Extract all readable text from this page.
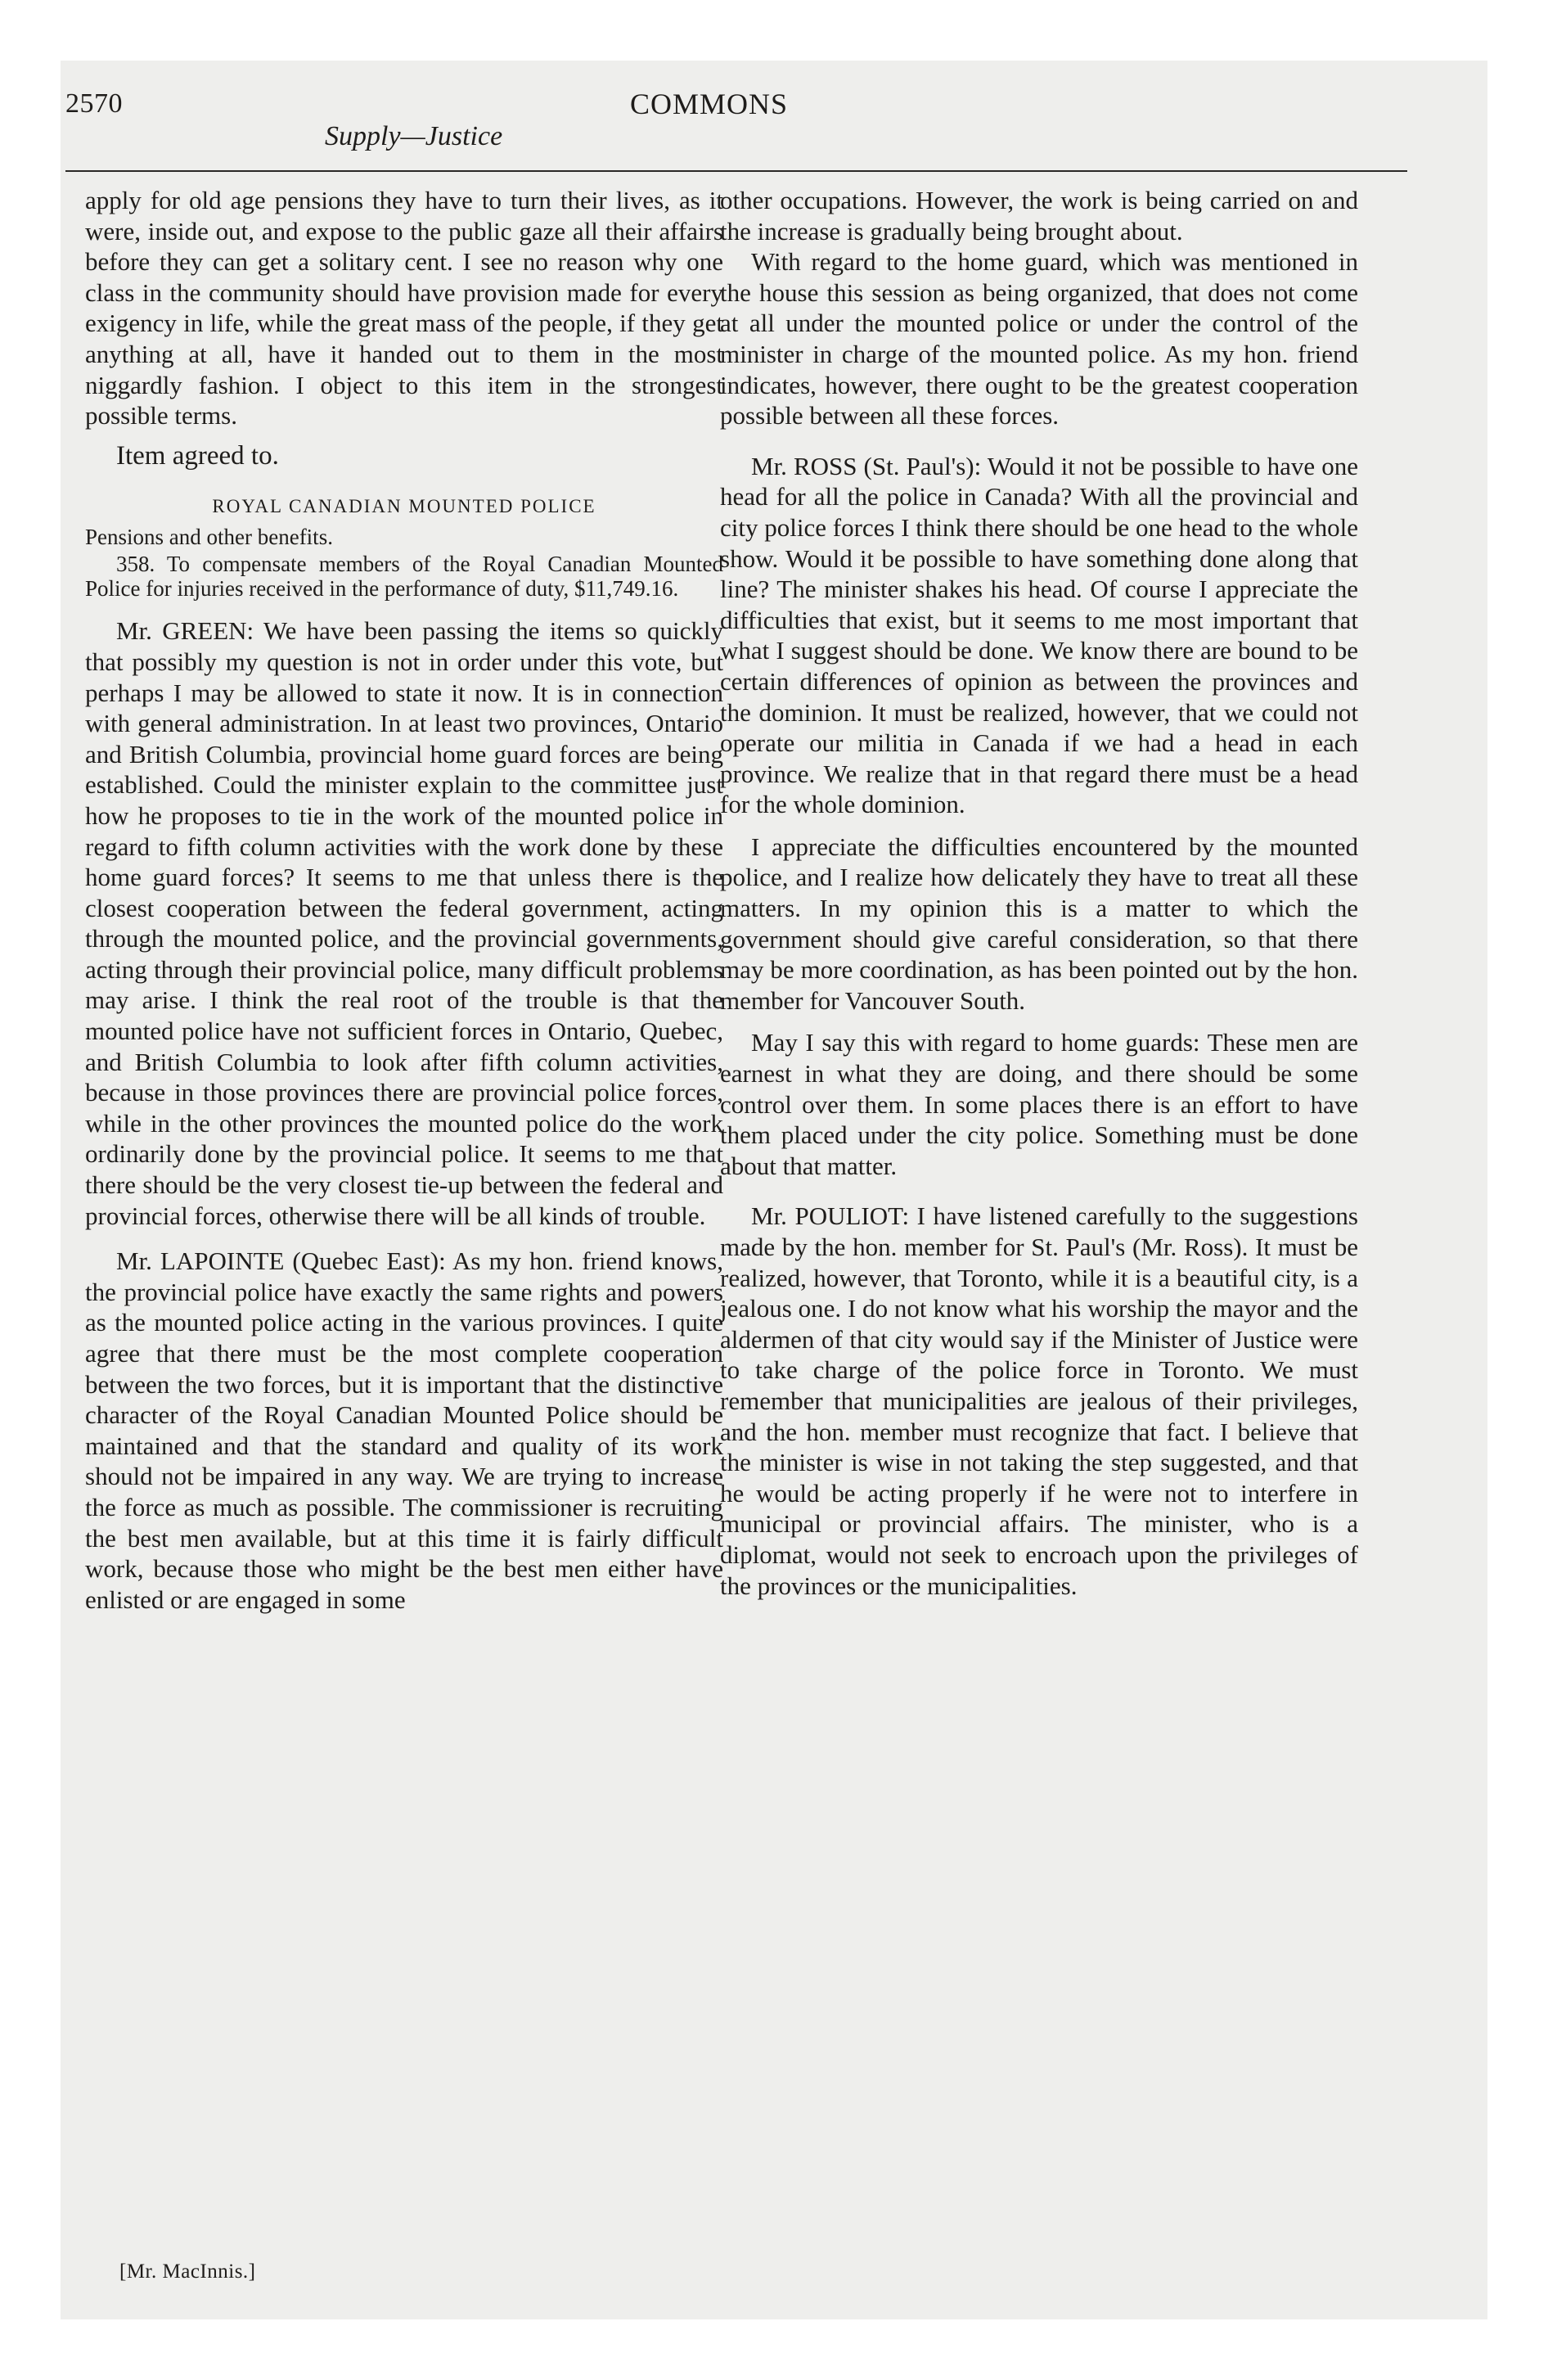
2570	COMMONS
Supply—Justice

apply for old age pensions they have to turn their lives, as it were, inside out, and expose to the public gaze all their affairs before they can get a solitary cent. I see no reason why one class in the community should have provision made for every exigency in life, while the great mass of the people, if they get anything at all, have it handed out to them in the most niggardly fashion. I object to this item in the strongest possible terms.

Item agreed to.

ROYAL CANADIAN MOUNTED POLICE

Pensions and other benefits.

358. To compensate members of the Royal Canadian Mounted Police for injuries received in the performance of duty, $11,749.16.

Mr. GREEN: We have been passing the items so quickly that possibly my question is not in order under this vote, but perhaps I may be allowed to state it now. It is in connection with general administration. In at least two provinces, Ontario and British Columbia, provincial home guard forces are being established. Could the minister explain to the committee just how he proposes to tie in the work of the mounted police in regard to fifth column activities with the work done by these home guard forces? It seems to me that unless there is the closest cooperation between the federal government, acting through the mounted police, and the provincial governments, acting through their provincial police, many difficult problems may arise. I think the real root of the trouble is that the mounted police have not sufficient forces in Ontario, Quebec, and British Columbia to look after fifth column activities, because in those provinces there are provincial police forces, while in the other provinces the mounted police do the work ordinarily done by the provincial police. It seems to me that there should be the very closest tie-up between the federal and provincial forces, otherwise there will be all kinds of trouble.

Mr. LAPOINTE (Quebec East): As my hon. friend knows, the provincial police have exactly the same rights and powers as the mounted police acting in the various provinces. I quite agree that there must be the most complete cooperation between the two forces, but it is important that the distinctive character of the Royal Canadian Mounted Police should be maintained and that the standard and quality of its work should not be impaired in any way. We are trying to increase the force as much as possible. The commissioner is recruiting the best men available, but at this time it is fairly difficult work, because those who might be the best men either have enlisted or are engaged in some

other occupations. However, the work is being carried on and the increase is gradually being brought about.

With regard to the home guard, which was mentioned in the house this session as being organized, that does not come at all under the mounted police or under the control of the minister in charge of the mounted police. As my hon. friend indicates, however, there ought to be the greatest cooperation possible between all these forces.

Mr. ROSS (St. Paul's): Would it not be possible to have one head for all the police in Canada? With all the provincial and city police forces I think there should be one head to the whole show. Would it be possible to have something done along that line? The minister shakes his head. Of course I appreciate the difficulties that exist, but it seems to me most important that what I suggest should be done. We know there are bound to be certain differences of opinion as between the provinces and the dominion. It must be realized, however, that we could not operate our militia in Canada if we had a head in each province. We realize that in that regard there must be a head for the whole dominion.

I appreciate the difficulties encountered by the mounted police, and I realize how delicately they have to treat all these matters. In my opinion this is a matter to which the government should give careful consideration, so that there may be more coordination, as has been pointed out by the hon. member for Vancouver South.

May I say this with regard to home guards: These men are earnest in what they are doing, and there should be some control over them. In some places there is an effort to have them placed under the city police. Something must be done about that matter.

Mr. POULIOT: I have listened carefully to the suggestions made by the hon. member for St. Paul's (Mr. Ross). It must be realized, however, that Toronto, while it is a beautiful city, is a jealous one. I do not know what his worship the mayor and the aldermen of that city would say if the Minister of Justice were to take charge of the police force in Toronto. We must remember that municipalities are jealous of their privileges, and the hon. member must recognize that fact. I believe that the minister is wise in not taking the step suggested, and that he would be acting properly if he were not to interfere in municipal or provincial affairs. The minister, who is a diplomat, would not seek to encroach upon the privileges of the provinces or the municipalities.

[Mr. MacInnis.]
